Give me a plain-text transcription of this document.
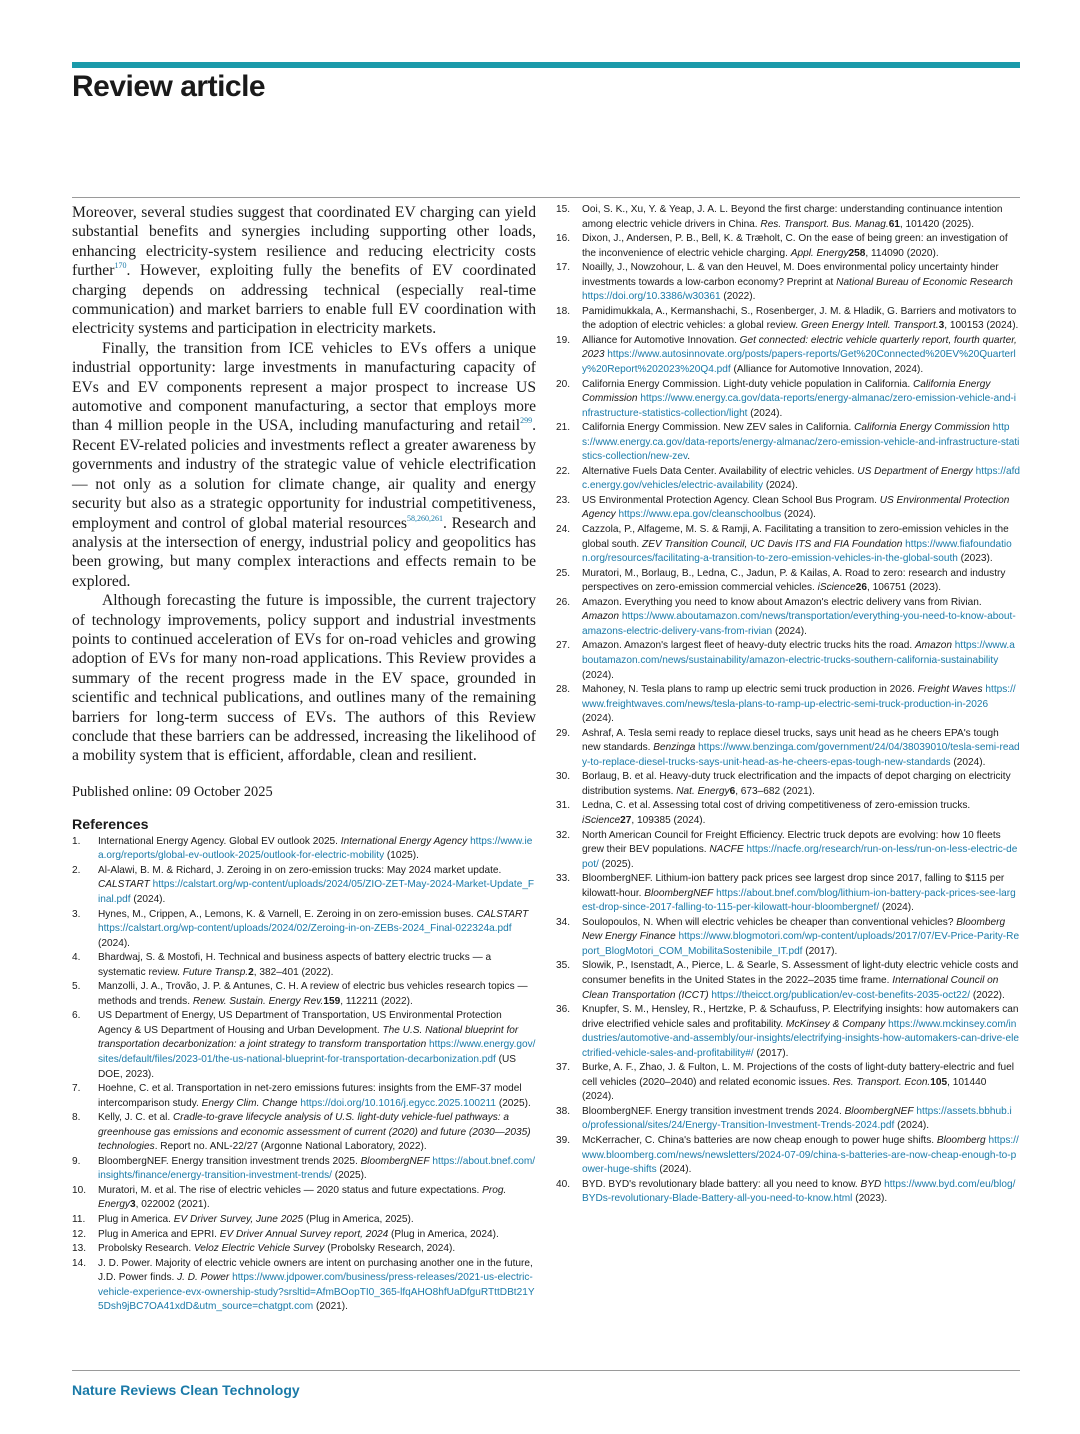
Review article

Moreover, several studies suggest that coordinated EV charging can yield substantial benefits and synergies including supporting other loads, enhancing electricity-system resilience and reducing electricity costs further$^{170}$. However, exploiting fully the benefits of EV coordinated charging depends on addressing technical (especially real-time communication) and market barriers to enable full EV coordination with electricity systems and participation in electricity markets.

Finally, the transition from ICE vehicles to EVs offers a unique industrial opportunity: large investments in manufacturing capacity of EVs and EV components represent a major prospect to increase US automotive and component manufacturing, a sector that employs more than 4 million people in the USA, including manufacturing and retail$^{299}$. Recent EV-related policies and investments reflect a greater awareness by governments and industry of the strategic value of vehicle electrification — not only as a solution for climate change, air quality and energy security but also as a strategic opportunity for industrial competitiveness, employment and control of global material resources$^{58,260,261}$. Research and analysis at the intersection of energy, industrial policy and geopolitics has been growing, but many complex interactions and effects remain to be explored.

Although forecasting the future is impossible, the current trajectory of technology improvements, policy support and industrial investments points to continued acceleration of EVs for on-road vehicles and growing adoption of EVs for many non-road applications. This Review provides a summary of the recent progress made in the EV space, grounded in scientific and technical publications, and outlines many of the remaining barriers for long-term success of EVs. The authors of this Review conclude that these barriers can be addressed, increasing the likelihood of a mobility system that is efficient, affordable, clean and resilient.

Published online: 09 October 2025
References
1.	International Energy Agency. Global EV outlook 2025. International Energy Agency https://www.iea.org/reports/global-ev-outlook-2025/outlook-for-electric-mobility (1025).
2.	Al-Alawi, B. M. & Richard, J. Zeroing in on zero-emission trucks: May 2024 market update. CALSTART https://calstart.org/wp-content/uploads/2024/05/ZIO-ZET-May-2024-Market-Update_Final.pdf (2024).
3.	Hynes, M., Crippen, A., Lemons, K. & Varnell, E. Zeroing in on zero-emission buses. CALSTART https://calstart.org/wp-content/uploads/2024/02/Zeroing-in-on-ZEBs-2024_Final-022324a.pdf (2024).
4.	Bhardwaj, S. & Mostofi, H. Technical and business aspects of battery electric trucks — a systematic review. Future Transp.2, 382–401 (2022).
5.	Manzolli, J. A., Trovão, J. P. & Antunes, C. H. A review of electric bus vehicles research topics — methods and trends. Renew. Sustain. Energy Rev.159, 112211 (2022).
6.	US Department of Energy, US Department of Transportation, US Environmental Protection Agency & US Department of Housing and Urban Development. The U.S. National blueprint for transportation decarbonization: a joint strategy to transform transportation https://www.energy.gov/sites/default/files/2023-01/the-us-national-blueprint-for-transportation-decarbonization.pdf (US DOE, 2023).
7.	Hoehne, C. et al. Transportation in net-zero emissions futures: insights from the EMF-37 model intercomparison study. Energy Clim. Change https://doi.org/10.1016/j.egycc.2025.100211 (2025).
8.	Kelly, J. C. et al. Cradle-to-grave lifecycle analysis of U.S. light-duty vehicle-fuel pathways: a greenhouse gas emissions and economic assessment of current (2020) and future (2030—2035) technologies. Report no. ANL-22/27 (Argonne National Laboratory, 2022).
9.	BloombergNEF. Energy transition investment trends 2025. BloombergNEF https://about.bnef.com/insights/finance/energy-transition-investment-trends/ (2025).
10.	Muratori, M. et al. The rise of electric vehicles — 2020 status and future expectations. Prog. Energy3, 022002 (2021).
11.	Plug in America. EV Driver Survey, June 2025 (Plug in America, 2025).
12.	Plug in America and EPRI. EV Driver Annual Survey report, 2024 (Plug in America, 2024).
13.	Probolsky Research. Veloz Electric Vehicle Survey (Probolsky Research, 2024).
14.	J. D. Power. Majority of electric vehicle owners are intent on purchasing another one in the future, J.D. Power finds. J. D. Power https://www.jdpower.com/business/press-releases/2021-us-electric-vehicle-experience-evx-ownership-study?srsltid=AfmBOopTI0_365-lfqAHO8hfUaDfguRTttDBt21Y5Dsh9jBC7OA41xdD&utm_source=chatgpt.com (2021).
15.	Ooi, S. K., Xu, Y. & Yeap, J. A. L. Beyond the first charge: understanding continuance intention among electric vehicle drivers in China. Res. Transport. Bus. Manag.61, 101420 (2025).
16.	Dixon, J., Andersen, P. B., Bell, K. & Træholt, C. On the ease of being green: an investigation of the inconvenience of electric vehicle charging. Appl. Energy258, 114090 (2020).
17.	Noailly, J., Nowzohour, L. & van den Heuvel, M. Does environmental policy uncertainty hinder investments towards a low-carbon economy? Preprint at National Bureau of Economic Research https://doi.org/10.3386/w30361 (2022).
18.	Pamidimukkala, A., Kermanshachi, S., Rosenberger, J. M. & Hladik, G. Barriers and motivators to the adoption of electric vehicles: a global review. Green Energy Intell. Transport.3, 100153 (2024).
19.	Alliance for Automotive Innovation. Get connected: electric vehicle quarterly report, fourth quarter, 2023 https://www.autosinnovate.org/posts/papers-reports/Get%20Connected%20EV%20Quarterly%20Report%202023%20Q4.pdf (Alliance for Automotive Innovation, 2024).
20.	California Energy Commission. Light-duty vehicle population in California. California Energy Commission https://www.energy.ca.gov/data-reports/energy-almanac/zero-emission-vehicle-and-infrastructure-statistics-collection/light (2024).
21.	California Energy Commission. New ZEV sales in California. California Energy Commission https://www.energy.ca.gov/data-reports/energy-almanac/zero-emission-vehicle-and-infrastructure-statistics-collection/new-zev.
22.	Alternative Fuels Data Center. Availability of electric vehicles. US Department of Energy https://afdc.energy.gov/vehicles/electric-availability (2024).
23.	US Environmental Protection Agency. Clean School Bus Program. US Environmental Protection Agency https://www.epa.gov/cleanschoolbus (2024).
24.	Cazzola, P., Alfageme, M. S. & Ramji, A. Facilitating a transition to zero-emission vehicles in the global south. ZEV Transition Council, UC Davis ITS and FIA Foundation https://www.fiafoundation.org/resources/facilitating-a-transition-to-zero-emission-vehicles-in-the-global-south (2023).
25.	Muratori, M., Borlaug, B., Ledna, C., Jadun, P. & Kailas, A. Road to zero: research and industry perspectives on zero-emission commercial vehicles. iScience26, 106751 (2023).
26.	Amazon. Everything you need to know about Amazon's electric delivery vans from Rivian. Amazon https://www.aboutamazon.com/news/transportation/everything-you-need-to-know-about-amazons-electric-delivery-vans-from-rivian (2024).
27.	Amazon. Amazon's largest fleet of heavy-duty electric trucks hits the road. Amazon https://www.aboutamazon.com/news/sustainability/amazon-electric-trucks-southern-california-sustainability (2024).
28.	Mahoney, N. Tesla plans to ramp up electric semi truck production in 2026. Freight Waves https://www.freightwaves.com/news/tesla-plans-to-ramp-up-electric-semi-truck-production-in-2026 (2024).
29.	Ashraf, A. Tesla semi ready to replace diesel trucks, says unit head as he cheers EPA's tough new standards. Benzinga https://www.benzinga.com/government/24/04/38039010/tesla-semi-ready-to-replace-diesel-trucks-says-unit-head-as-he-cheers-epas-tough-new-standards (2024).
30.	Borlaug, B. et al. Heavy-duty truck electrification and the impacts of depot charging on electricity distribution systems. Nat. Energy6, 673–682 (2021).
31.	Ledna, C. et al. Assessing total cost of driving competitiveness of zero-emission trucks. iScience27, 109385 (2024).
32.	North American Council for Freight Efficiency. Electric truck depots are evolving: how 10 fleets grew their BEV populations. NACFE https://nacfe.org/research/run-on-less/run-on-less-electric-depot/ (2025).
33.	BloombergNEF. Lithium-ion battery pack prices see largest drop since 2017, falling to $115 per kilowatt-hour. BloombergNEF https://about.bnef.com/blog/lithium-ion-battery-pack-prices-see-largest-drop-since-2017-falling-to-115-per-kilowatt-hour-bloombergnef/ (2024).
34.	Soulopoulos, N. When will electric vehicles be cheaper than conventional vehicles? Bloomberg New Energy Finance https://www.blogmotori.com/wp-content/uploads/2017/07/EV-Price-Parity-Report_BlogMotori_COM_MobilitaSostenibile_IT.pdf (2017).
35.	Slowik, P., Isenstadt, A., Pierce, L. & Searle, S. Assessment of light-duty electric vehicle costs and consumer benefits in the United States in the 2022–2035 time frame. International Council on Clean Transportation (ICCT) https://theicct.org/publication/ev-cost-benefits-2035-oct22/ (2022).
36.	Knupfer, S. M., Hensley, R., Hertzke, P. & Schaufuss, P. Electrifying insights: how automakers can drive electrified vehicle sales and profitability. McKinsey & Company https://www.mckinsey.com/industries/automotive-and-assembly/our-insights/electrifying-insights-how-automakers-can-drive-electrified-vehicle-sales-and-profitability#/ (2017).
37.	Burke, A. F., Zhao, J. & Fulton, L. M. Projections of the costs of light-duty battery-electric and fuel cell vehicles (2020–2040) and related economic issues. Res. Transport. Econ.105, 101440 (2024).
38.	BloombergNEF. Energy transition investment trends 2024. BloombergNEF https://assets.bbhub.io/professional/sites/24/Energy-Transition-Investment-Trends-2024.pdf (2024).
39.	McKerracher, C. China's batteries are now cheap enough to power huge shifts. Bloomberg https://www.bloomberg.com/news/newsletters/2024-07-09/china-s-batteries-are-now-cheap-enough-to-power-huge-shifts (2024).
40.	BYD. BYD's revolutionary blade battery: all you need to know. BYD https://www.byd.com/eu/blog/BYDs-revolutionary-Blade-Battery-all-you-need-to-know.html (2023).
Nature Reviews Clean Technology
